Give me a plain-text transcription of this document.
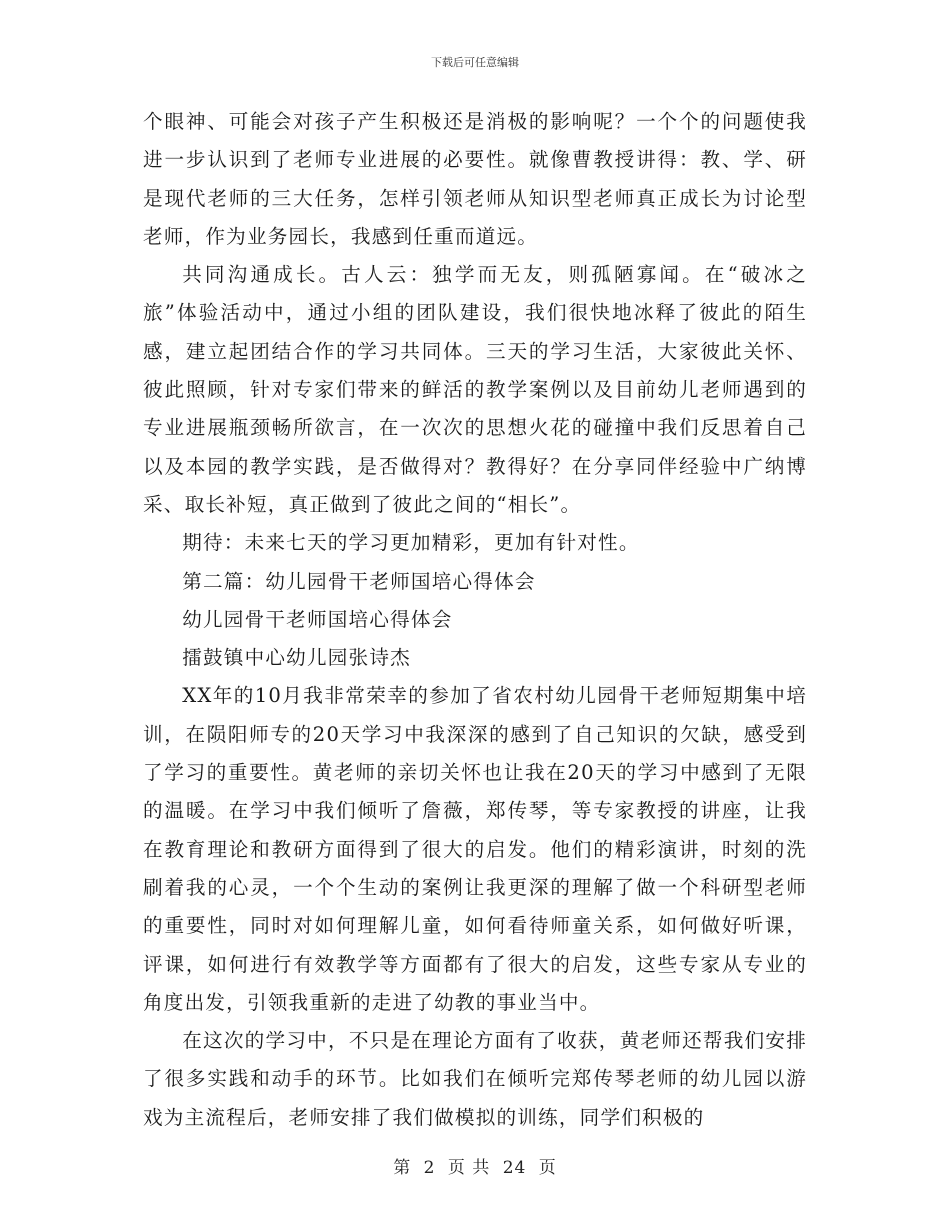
下载后可任意编辑

个眼神、可能会对孩子产生积极还是消极的影响呢？一个个的问题使我进一步认识到了老师专业进展的必要性。就像曹教授讲得：教、学、研是现代老师的三大任务，怎样引领老师从知识型老师真正成长为讨论型老师，作为业务园长，我感到任重而道远。

共同沟通成长。古人云：独学而无友，则孤陋寡闻。在“破冰之旅”体验活动中，通过小组的团队建设，我们很快地冰释了彼此的陌生感，建立起团结合作的学习共同体。三天的学习生活，大家彼此关怀、彼此照顾，针对专家们带来的鲜活的教学案例以及目前幼儿老师遇到的专业进展瓶颈畅所欲言，在一次次的思想火花的碰撞中我们反思着自己以及本园的教学实践，是否做得对？教得好？在分享同伴经验中广纳博采、取长补短，真正做到了彼此之间的“相长”。

期待：未来七天的学习更加精彩，更加有针对性。

第二篇：幼儿园骨干老师国培心得体会

幼儿园骨干老师国培心得体会

擂鼓镇中心幼儿园张诗杰

XX年的10月我非常荣幸的参加了省农村幼儿园骨干老师短期集中培训，在陨阳师专的20天学习中我深深的感到了自己知识的欠缺，感受到了学习的重要性。黄老师的亲切关怀也让我在20天的学习中感到了无限的温暖。在学习中我们倾听了詹薇，郑传琴，等专家教授的讲座，让我在教育理论和教研方面得到了很大的启发。他们的精彩演讲，时刻的洗刷着我的心灵，一个个生动的案例让我更深的理解了做一个科研型老师的重要性，同时对如何理解儿童，如何看待师童关系，如何做好听课，评课，如何进行有效教学等方面都有了很大的启发，这些专家从专业的角度出发，引领我重新的走进了幼教的事业当中。

在这次的学习中，不只是在理论方面有了收获，黄老师还帮我们安排了很多实践和动手的环节。比如我们在倾听完郑传琴老师的幼儿园以游戏为主流程后，老师安排了我们做模拟的训练，同学们积极的

第 2 页 共 24 页
